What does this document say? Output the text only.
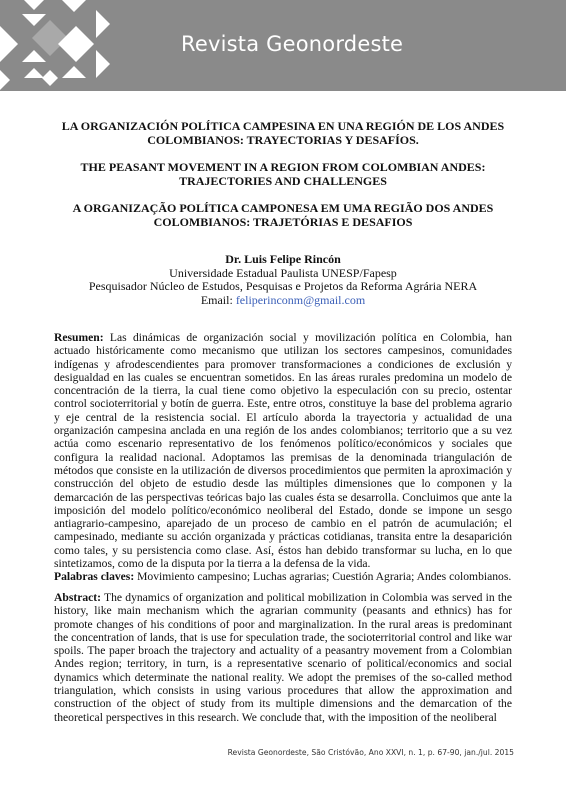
Revista Geonordeste

LA ORGANIZACIÓN POLÍTICA CAMPESINA EN UNA REGIÓN DE LOS ANDES COLOMBIANOS: TRAYECTORIAS Y DESAFÍOS.

THE PEASANT MOVEMENT IN A REGION FROM COLOMBIAN ANDES: TRAJECTORIES AND CHALLENGES

A ORGANIZAÇÃO POLÍTICA CAMPONESA EM UMA REGIÃO DOS ANDES COLOMBIANOS: TRAJETÓRIAS E DESAFIOS

Dr. Luis Felipe Rincón
Universidade Estadual Paulista UNESP/Fapesp
Pesquisador Núcleo de Estudos, Pesquisas e Projetos da Reforma Agrária NERA
Email: feliperinconm@gmail.com
Resumen: Las dinámicas de organización social y movilización política en Colombia, han actuado históricamente como mecanismo que utilizan los sectores campesinos, comunidades indígenas y afrodescendientes para promover transformaciones a condiciones de exclusión y desigualdad en las cuales se encuentran sometidos. En las áreas rurales predomina un modelo de concentración de la tierra, la cual tiene como objetivo la especulación con su precio, ostentar control socioterritorial y botín de guerra. Este, entre otros, constituye la base del problema agrario y eje central de la resistencia social. El artículo aborda la trayectoria y actualidad de una organización campesina anclada en una región de los andes colombianos; territorio que a su vez actúa como escenario representativo de los fenómenos político/económicos y sociales que configura la realidad nacional. Adoptamos las premisas de la denominada triangulación de métodos que consiste en la utilización de diversos procedimientos que permiten la aproximación y construcción del objeto de estudio desde las múltiples dimensiones que lo componen y la demarcación de las perspectivas teóricas bajo las cuales ésta se desarrolla. Concluimos que ante la imposición del modelo político/económico neoliberal del Estado, donde se impone un sesgo antiagrario-campesino, aparejado de un proceso de cambio en el patrón de acumulación; el campesinado, mediante su acción organizada y prácticas cotidianas, transita entre la desaparición como tales, y su persistencia como clase. Así, éstos han debido transformar su lucha, en lo que sintetizamos, como de la disputa por la tierra a la defensa de la vida.
Palabras claves: Movimiento campesino; Luchas agrarias; Cuestión Agraria; Andes colombianos.
Abstract: The dynamics of organization and political mobilization in Colombia was served in the history, like main mechanism which the agrarian community (peasants and ethnics) has for promote changes of his conditions of poor and marginalization. In the rural areas is predominant the concentration of lands, that is use for speculation trade, the socioterritorial control and like war spoils. The paper broach the trajectory and actuality of a peasantry movement from a Colombian Andes region; territory, in turn, is a representative scenario of political/economics and social dynamics which determinate the national reality. We adopt the premises of the so-called method triangulation, which consists in using various procedures that allow the approximation and construction of the object of study from its multiple dimensions and the demarcation of the theoretical perspectives in this research. We conclude that, with the imposition of the neoliberal
Revista Geonordeste, São Cristóvão, Ano XXVI, n. 1, p. 67-90, jan./jul. 2015
